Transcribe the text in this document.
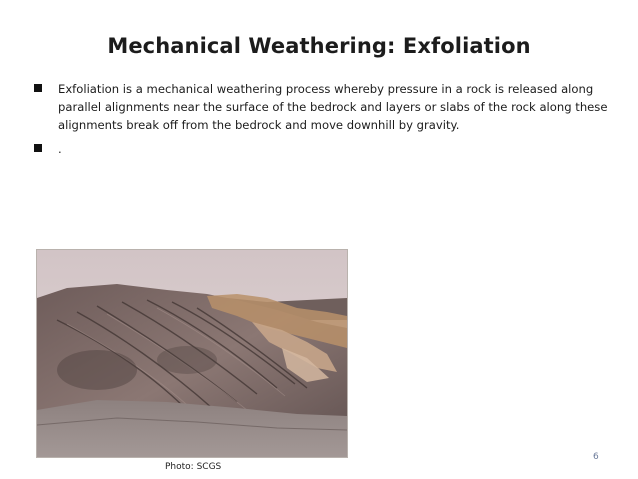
Mechanical Weathering: Exfoliation
Exfoliation is a mechanical weathering process whereby pressure in a rock is released along parallel alignments near the surface of the bedrock and layers or slabs of the rock along these alignments break off from the bedrock and move downhill by gravity.
.
Photo: SCGS
6
